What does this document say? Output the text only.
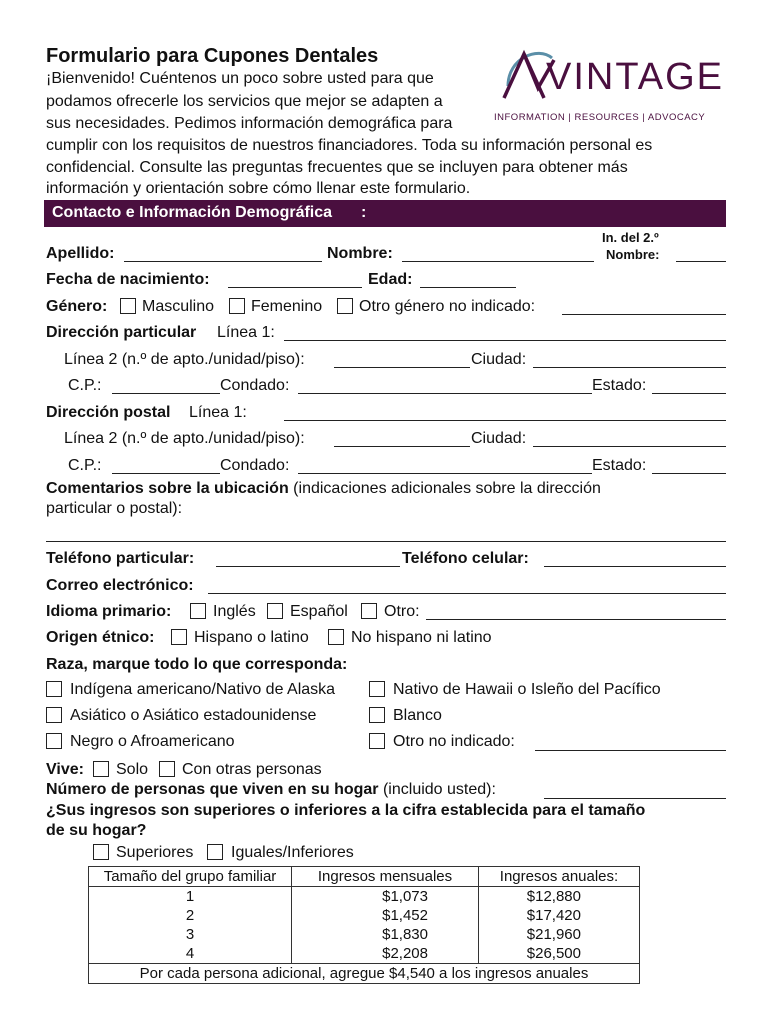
Formulario para Cupones Dentales
¡Bienvenido! Cuéntenos un poco sobre usted para que
podamos ofrecerle los servicios que mejor se adapten a
sus necesidades. Pedimos información demográfica para
cumplir con los requisitos de nuestros financiadores. Toda su información personal es
confidencial. Consulte las preguntas frecuentes que se incluyen para obtener más
información y orientación sobre cómo llenar este formulario.
VINTAGE
INFORMATION | RESOURCES | ADVOCACY
Contacto e Información Demográfica :
Apellido:	Nombre:
In. del 2.º
Nombre:
Fecha de nacimiento:	Edad:
Género: Masculino Femenino Otro género no indicado:
Dirección particular Línea 1:
Línea 2 (n.º de apto./unidad/piso):	Ciudad:
C.P.:	Condado:	Estado:
Dirección postal Línea 1:
Línea 2 (n.º de apto./unidad/piso):	Ciudad:
C.P.:	Condado:	Estado:
Comentarios sobre la ubicación (indicaciones adicionales sobre la dirección
particular o postal):
Teléfono particular:	Teléfono celular:
Correo electrónico:
Idioma primario:	Inglés Español Otro:
Origen étnico: Hispano o latino	No hispano ni latino
Raza, marque todo lo que corresponda:
Indígena americano/Nativo de Alaska	Nativo de Hawaii o Isleño del Pacífico
Asiático o Asiático estadounidense	Blanco
Negro o Afroamericano	Otro no indicado:
Vive: Solo Con otras personas
Número de personas que viven en su hogar (incluido usted):
¿Sus ingresos son superiores o inferiores a la cifra establecida para el tamaño
de su hogar?
Superiores Iguales/Inferiores
Tamaño del grupo familiar	Ingresos mensuales	Ingresos anuales:
1	$1,073	$12,880
2	$1,452	$17,420
3	$1,830	$21,960
4	$2,208	$26,500
Por cada persona adicional, agregue $4,540 a los ingresos anuales		
